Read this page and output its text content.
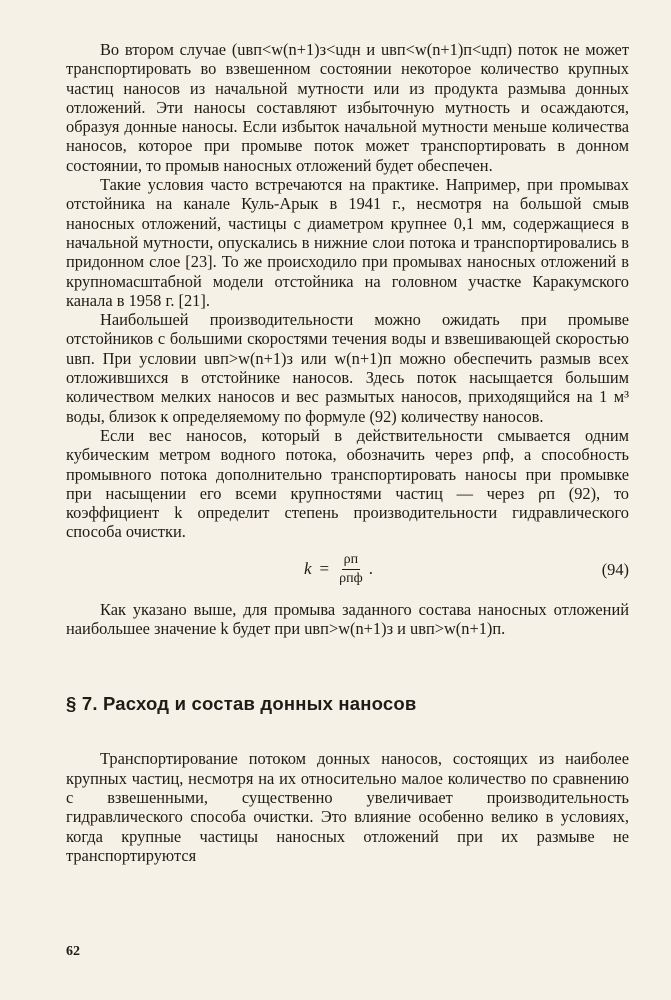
Во втором случае (uвп<w(n+1)з<uдн и uвп<w(n+1)п<uдп) поток не может транспортировать во взвешенном состоянии некоторое количество крупных частиц наносов из начальной мутности или из продукта размыва донных отложений. Эти наносы составляют избыточную мутность и осаждаются, образуя донные наносы. Если избыток начальной мутности меньше количества наносов, которое при промыве поток может транспортировать в донном состоянии, то промыв наносных отложений будет обеспечен.

Такие условия часто встречаются на практике. Например, при промывах отстойника на канале Куль-Арык в 1941 г., несмотря на большой смыв наносных отложений, частицы с диаметром крупнее 0,1 мм, содержащиеся в начальной мутности, опускались в нижние слои потока и транспортировались в придонном слое [23]. То же происходило при промывах наносных отложений в крупномасштабной модели отстойника на головном участке Каракумского канала в 1958 г. [21].

Наибольшей производительности можно ожидать при промыве отстойников с большими скоростями течения воды и взвешивающей скоростью uвп. При условии uвп>w(n+1)з или w(n+1)п можно обеспечить размыв всех отложившихся в отстойнике наносов. Здесь поток насыщается большим количеством мелких наносов и вес размытых наносов, приходящийся на 1 м³ воды, близок к определяемому по формуле (92) количеству наносов.

Если вес наносов, который в действительности смывается одним кубическим метром водного потока, обозначить через ρпф, а способность промывного потока дополнительно транспортировать наносы при промывке при насыщении его всеми крупностями частиц — через ρп (92), то коэффициент k определит степень производительности гидравлического способа очистки.

$k = \frac{\rho п}{\text{ρпф}}$ .	(94)

Как указано выше, для промыва заданного состава наносных отложений наибольшее значение k будет при uвп>w(n+1)з и uвп>w(n+1)п.

§ 7. Расход и состав донных наносов

Транспортирование потоком донных наносов, состоящих из наиболее крупных частиц, несмотря на их относительно малое количество по сравнению с взвешенными, существенно увеличивает производительность гидравлического способа очистки. Это влияние особенно велико в условиях, когда крупные частицы наносных отложений при их размыве не транспортируются

62
